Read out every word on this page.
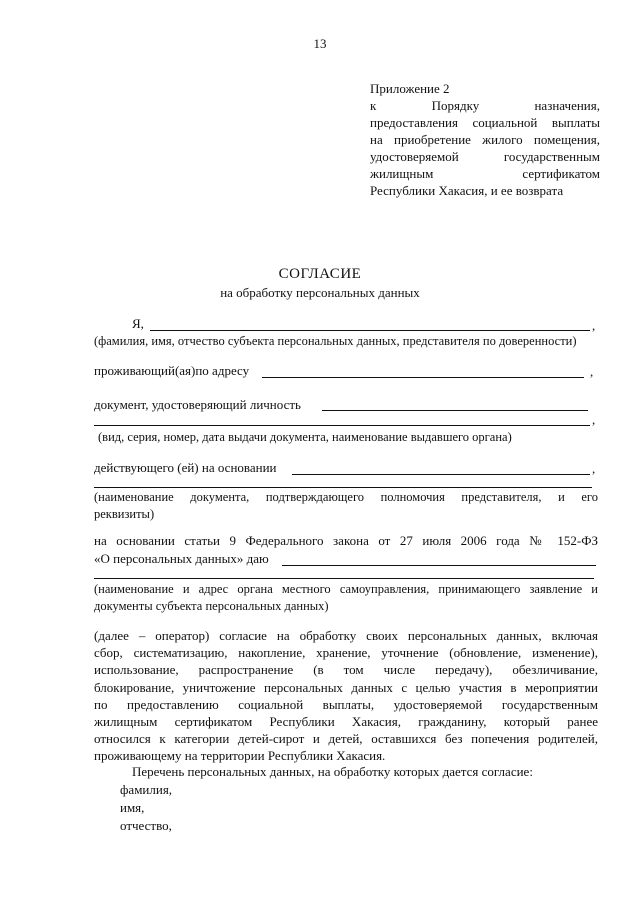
13
Приложение 2
к Порядку назначения,
предоставления социальной выплаты
на приобретение жилого помещения,
удостоверяемой государственным
жилищным сертификатом
Республики Хакасия, и ее возврата
СОГЛАСИЕ
на обработку персональных данных
Я,	,
(фамилия, имя, отчество субъекта персональных данных, представителя по доверенности)
проживающий(ая)по адресу	,
документ, удостоверяющий личность
,
(вид, серия, номер, дата выдачи документа, наименование выдавшего органа)
действующего (ей) на основании	,
(наименование документа, подтверждающего полномочия представителя, и его
реквизиты)
на основании статьи 9 Федерального закона от 27 июля 2006 года № 152-ФЗ
«О персональных данных» даю
(наименование и адрес органа местного самоуправления, принимающего заявление и
документы субъекта персональных данных)
(далее – оператор) согласие на обработку своих персональных данных, включая
сбор, систематизацию, накопление, хранение, уточнение (обновление, изменение),
использование, распространение (в том числе передачу), обезличивание,
блокирование, уничтожение персональных данных с целью участия в мероприятии
по предоставлению социальной выплаты, удостоверяемой государственным
жилищным сертификатом Республики Хакасия, гражданину, который ранее
относился к категории детей-сирот и детей, оставшихся без попечения родителей,
проживающему на территории Республики Хакасия.
Перечень персональных данных, на обработку которых дается согласие:
фамилия,
имя,
отчество,
